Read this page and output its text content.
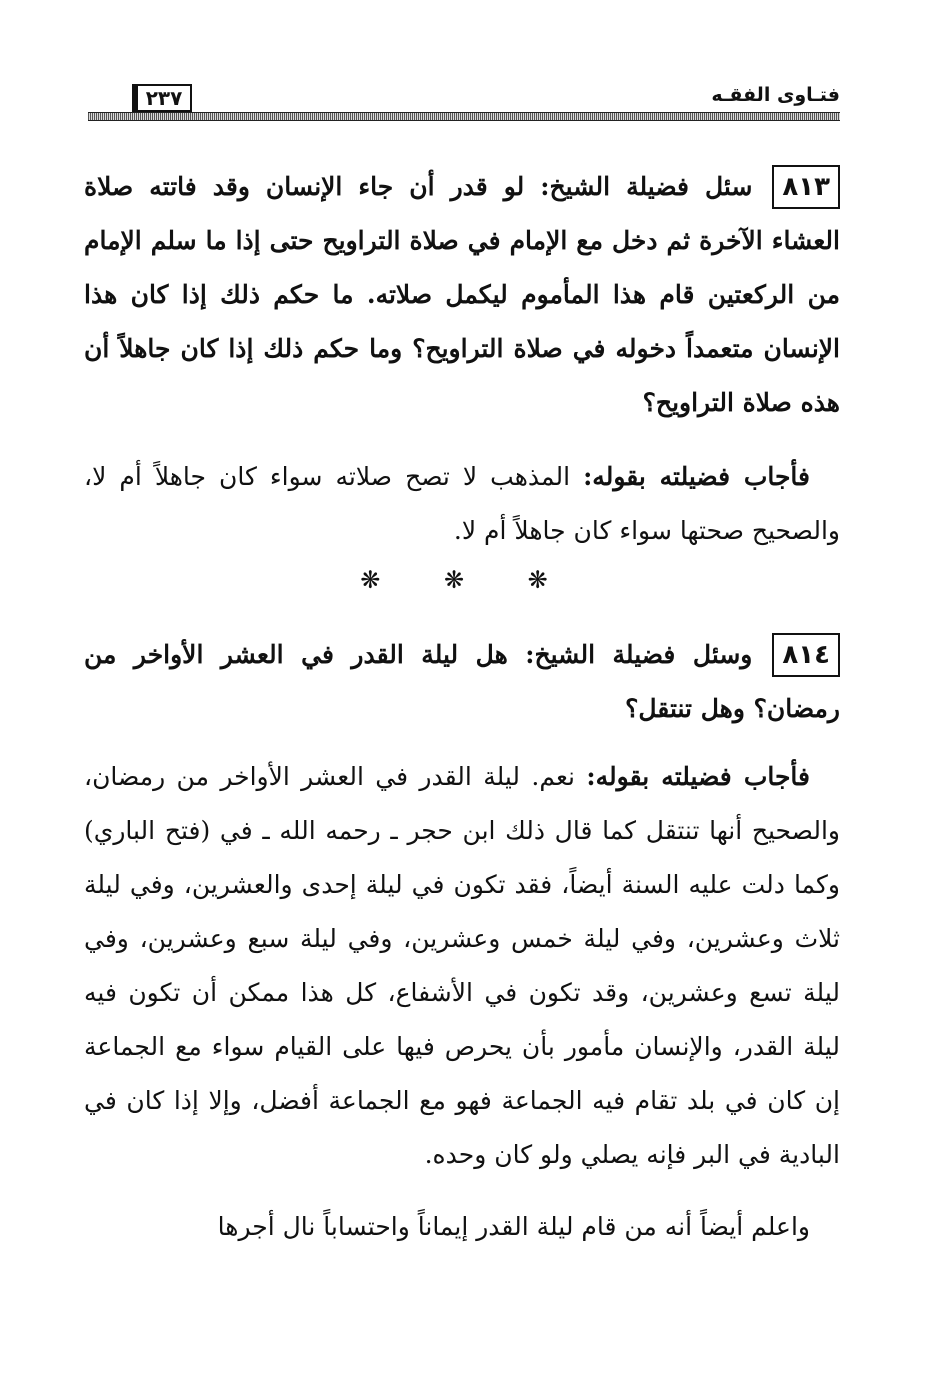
فتـاوى الفقـه
٢٣٧

٨١٣
سئل فضيلة الشيخ: لو قدر أن جاء الإنسان وقد فاتته صلاة العشاء الآخرة ثم دخل مع الإمام في صلاة التراويح حتى إذا ما سلم الإمام من الركعتين قام هذا المأموم ليكمل صلاته. ما حكم ذلك إذا كان هذا الإنسان متعمداً دخوله في صلاة التراويح؟ وما حكم ذلك إذا كان جاهلاً أن هذه صلاة التراويح؟

فأجاب فضيلته بقوله: المذهب لا تصح صلاته سواء كان جاهلاً أم لا، والصحيح صحتها سواء كان جاهلاً أم لا.

❋ ❋ ❋

٨١٤
وسئل فضيلة الشيخ: هل ليلة القدر في العشر الأواخر من رمضان؟ وهل تنتقل؟

فأجاب فضيلته بقوله: نعم. ليلة القدر في العشر الأواخر من رمضان، والصحيح أنها تنتقل كما قال ذلك ابن حجر ـ رحمه الله ـ في (فتح الباري) وكما دلت عليه السنة أيضاً، فقد تكون في ليلة إحدى والعشرين، وفي ليلة ثلاث وعشرين، وفي ليلة خمس وعشرين، وفي ليلة سبع وعشرين، وفي ليلة تسع وعشرين، وقد تكون في الأشفاع، كل هذا ممكن أن تكون فيه ليلة القدر، والإنسان مأمور بأن يحرص فيها على القيام سواء مع الجماعة إن كان في بلد تقام فيه الجماعة فهو مع الجماعة أفضل، وإلا إذا كان في البادية في البر فإنه يصلي ولو كان وحده.

واعلم أيضاً أنه من قام ليلة القدر إيماناً واحتساباً نال أجرها
